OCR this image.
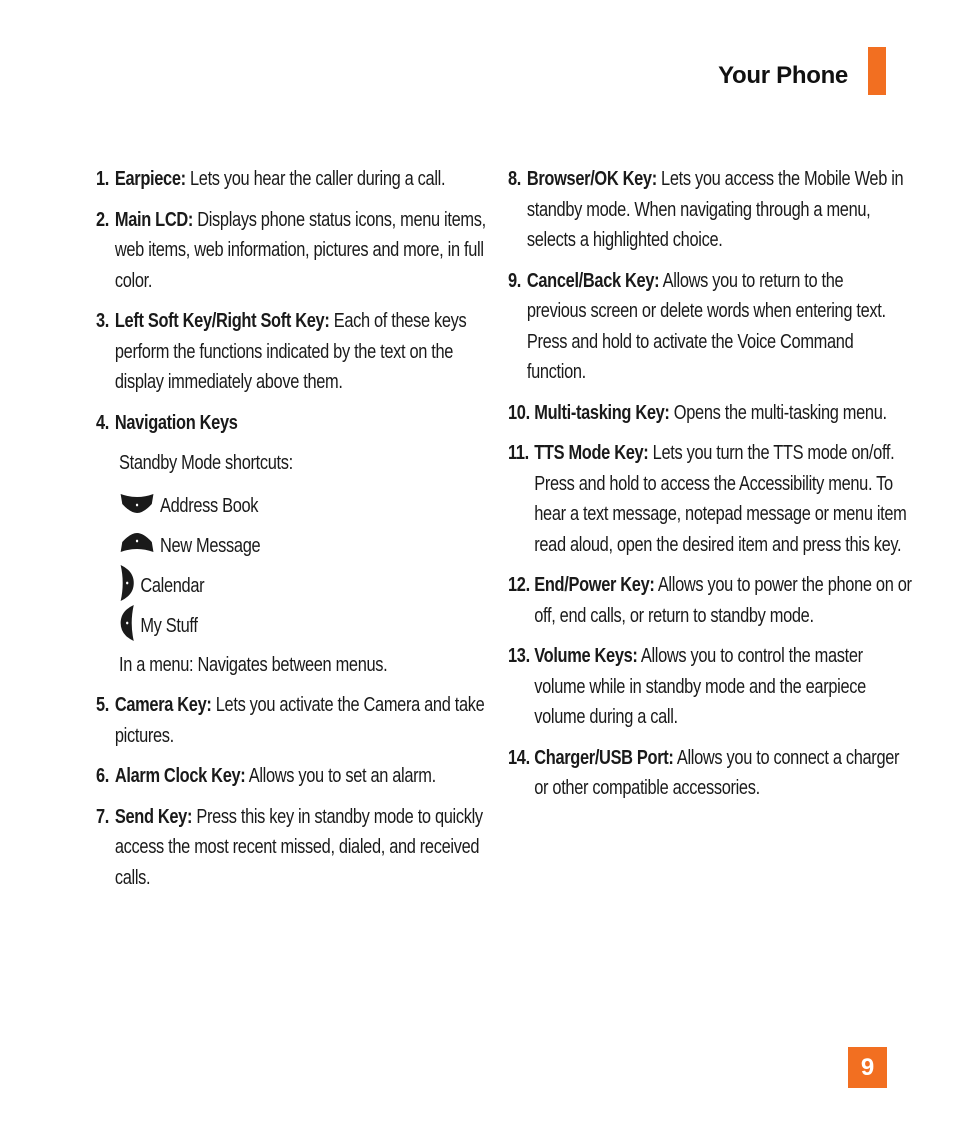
Your Phone
1. Earpiece: Lets you hear the caller during a call.
2. Main LCD: Displays phone status icons, menu items, web items, web information, pictures and more, in full color.
3. Left Soft Key/Right Soft Key: Each of these keys perform the functions indicated by the text on the display immediately above them.
4. Navigation Keys
Standby Mode shortcuts:
Address Book
New Message
Calendar
My Stuff
In a menu: Navigates between menus.
5. Camera Key: Lets you activate the Camera and take pictures.
6. Alarm Clock Key: Allows you to set an alarm.
7. Send Key: Press this key in standby mode to quickly access the most recent missed, dialed, and received calls.
8. Browser/OK Key: Lets you access the Mobile Web in standby mode. When navigating through a menu, selects a highlighted choice.
9. Cancel/Back Key: Allows you to return to the previous screen or delete words when entering text. Press and hold to activate the Voice Command function.
10. Multi-tasking Key: Opens the multi-tasking menu.
11. TTS Mode Key: Lets you turn the TTS mode on/off. Press and hold to access the Accessibility menu. To hear a text message, notepad message or menu item read aloud, open the desired item and press this key.
12. End/Power Key: Allows you to power the phone on or off, end calls, or return to standby mode.
13. Volume Keys: Allows you to control the master volume while in standby mode and the earpiece volume during a call.
14. Charger/USB Port: Allows you to connect a charger or other compatible accessories.
9
